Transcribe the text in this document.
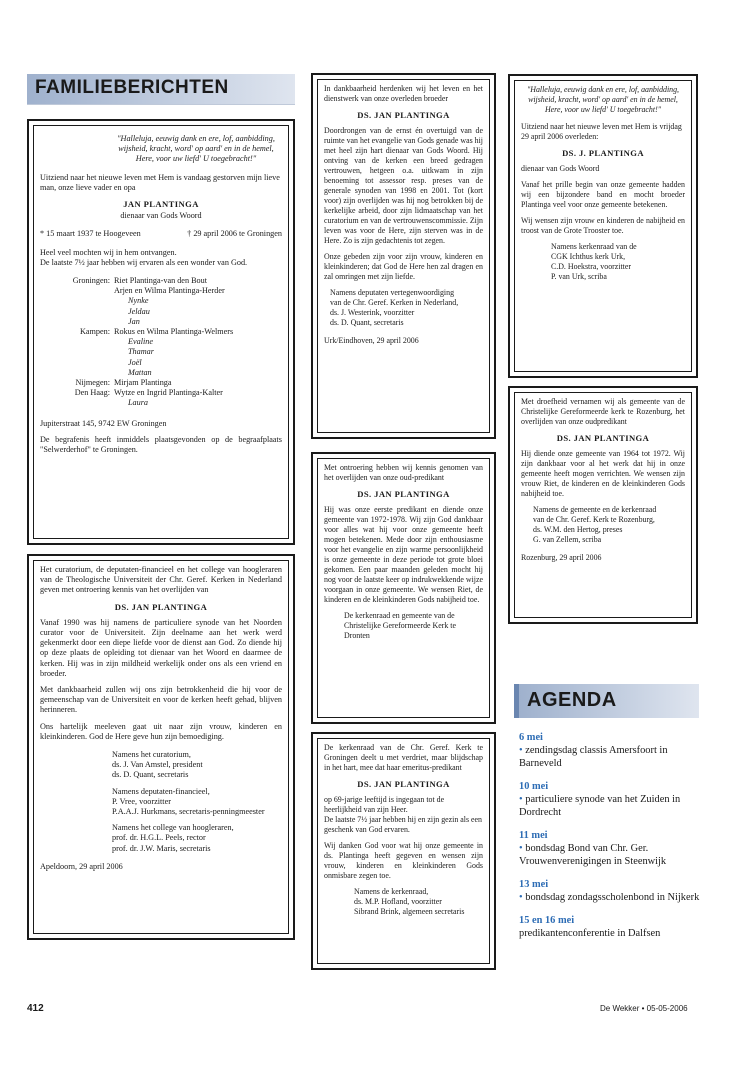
FAMILIEBERICHTEN

"Halleluja, eeuwig dank en ere, lof, aanbidding, wijsheid, kracht, word' op aard' en in de hemel, Here, voor uw liefd' U toegebracht!"

Uitziend naar het nieuwe leven met Hem is vandaag gestorven mijn lieve man, onze lieve vader en opa

JAN PLANTINGA
dienaar van Gods Woord
* 15 maart 1937 te Hoogeveen	† 29 april 2006 te Groningen
Heel veel mochten wij in hem ontvangen.
De laatste 7½ jaar hebben wij ervaren als een wonder van God.
Groningen: Riet Plantinga-van den Bout
Arjen en Wilma Plantinga-Herder
Nynke
Jeldau
Jan
Kampen: Rokus en Wilma Plantinga-Welmers
Evaline
Thamar
Joël
Mattan
Nijmegen: Mirjam Plantinga
Den Haag: Wytze en Ingrid Plantinga-Kalter
Laura

Jupiterstraat 145, 9742 EW Groningen

De begrafenis heeft inmiddels plaatsgevonden op de begraafplaats "Selwerderhof" te Groningen.

Het curatorium, de deputaten-financieel en het college van hoogleraren van de Theologische Universiteit der Chr. Geref. Kerken in Nederland geven met ontroering kennis van het overlijden van

DS. JAN PLANTINGA

Vanaf 1990 was hij namens de particuliere synode van het Noorden curator voor de Universiteit. Zijn deelname aan het werk werd gekenmerkt door een diepe liefde voor de dienst aan God. Zo diende hij op deze plaats de opleiding tot dienaar van het Woord en daarmee de kerken. Hij was in zijn mildheid werkelijk onder ons als een vriend en broeder.

Met dankbaarheid zullen wij ons zijn betrokkenheid die hij voor de gemeenschap van de Universiteit en voor de kerken heeft gehad, blijven herinneren.

Ons hartelijk meeleven gaat uit naar zijn vrouw, kinderen en kleinkinderen. God de Here geve hun zijn bemoediging.

Namens het curatorium,
ds. J. Van Amstel, president
ds. D. Quant, secretaris
Namens deputaten-financieel,
P. Vree, voorzitter
P.A.A.J. Hurkmans, secretaris-penningmeester
Namens het college van hoogleraren,
prof. dr. H.G.L. Peels, rector
prof. dr. J.W. Maris, secretaris
Apeldoorn, 29 april 2006

In dankbaarheid herdenken wij het leven en het dienstwerk van onze overleden broeder

DS. JAN PLANTINGA

Doordrongen van de ernst én overtuigd van de ruimte van het evangelie van Gods genade was hij met heel zijn hart dienaar van Gods Woord. Hij ontving van de kerken een breed gedragen vertrouwen, hetgeen o.a. uitkwam in zijn benoeming tot assessor resp. preses van de generale synoden van 1998 en 2001. Tot (kort voor) zijn overlijden was hij nog betrokken bij de kerkelijke arbeid, door zijn lidmaatschap van het curatorium en van de vertrouwenscommissie. Zijn leven was voor de Here, zijn sterven was in de Here. Zo is zijn gedachtenis tot zegen.

Onze gebeden zijn voor zijn vrouw, kinderen en kleinkinderen; dat God de Here hen zal dragen en zal omringen met zijn liefde.

Namens deputaten vertegenwoordiging
van de Chr. Geref. Kerken in Nederland,
ds. J. Westerink, voorzitter
ds. D. Quant, secretaris
Urk/Eindhoven, 29 april 2006

Met ontroering hebben wij kennis genomen van het overlijden van onze oud-predikant

DS. JAN PLANTINGA

Hij was onze eerste predikant en diende onze gemeente van 1972-1978. Wij zijn God dankbaar voor alles wat hij voor onze gemeente heeft mogen betekenen. Mede door zijn enthousiasme voor het evangelie en zijn warme persoonlijkheid is onze gemeente in deze periode tot grote bloei gekomen. Een paar maanden geleden mocht hij nog voor de laatste keer op indrukwekkende wijze voorgaan in onze gemeente. We wensen Riet, de kinderen en de kleinkinderen Gods nabijheid toe.

De kerkenraad en gemeente van de
Christelijke Gereformeerde Kerk te
Dronten

De kerkenraad van de Chr. Geref. Kerk te Groningen deelt u met verdriet, maar blijdschap in het hart, mee dat haar emeritus-predikant

DS. JAN PLANTINGA
op 69-jarige leeftijd is ingegaan tot de heerlijkheid van zijn Heer.

De laatste 7½ jaar hebben hij en zijn gezin als een geschenk van God ervaren.

Wij danken God voor wat hij onze gemeente in ds. Plantinga heeft gegeven en wensen zijn vrouw, kinderen en kleinkinderen Gods onmisbare zegen toe.

Namens de kerkenraad,
ds. M.P. Hofland, voorzitter
Sibrand Brink, algemeen secretaris

"Halleluja, eeuwig dank en ere, lof, aanbidding, wijsheid, kracht, word' op aard' en in de hemel, Here, voor uw liefd' U toegebracht!"

Uitziend naar het nieuwe leven met Hem is vrijdag 29 april 2006 overleden:

DS. J. PLANTINGA

dienaar van Gods Woord

Vanaf het prille begin van onze gemeente hadden wij een bijzondere band en mocht broeder Plantinga veel voor onze gemeente betekenen.

Wij wensen zijn vrouw en kinderen de nabijheid en troost van de Grote Trooster toe.

Namens kerkenraad van de
CGK Ichthus kerk Urk,
C.D. Hoekstra, voorzitter
P. van Urk, scriba

Met droefheid vernamen wij als gemeente van de Christelijke Gereformeerde kerk te Rozenburg, het overlijden van onze oudpredikant

DS. JAN PLANTINGA

Hij diende onze gemeente van 1964 tot 1972. Wij zijn dankbaar voor al het werk dat hij in onze gemeente heeft mogen verrichten. We wensen zijn vrouw Riet, de kinderen en de kleinkinderen Gods nabijheid toe.

Namens de gemeente en de kerkenraad
van de Chr. Geref. Kerk te Rozenburg,
ds. W.M. den Hertog, preses
G. van Zellem, scriba
Rozenburg, 29 april 2006
AGENDA
6 mei
• zendingsdag classis Amersfoort in Barneveld
10 mei
• particuliere synode van het Zuiden in Dordrecht
11 mei
• bondsdag Bond van Chr. Ger. Vrouwenverenigingen in Steenwijk
13 mei
• bondsdag zondagsscholenbond in Nijkerk
15 en 16 mei
predikantenconferentie in Dalfsen
412	De Wekker • 05-05-2006
